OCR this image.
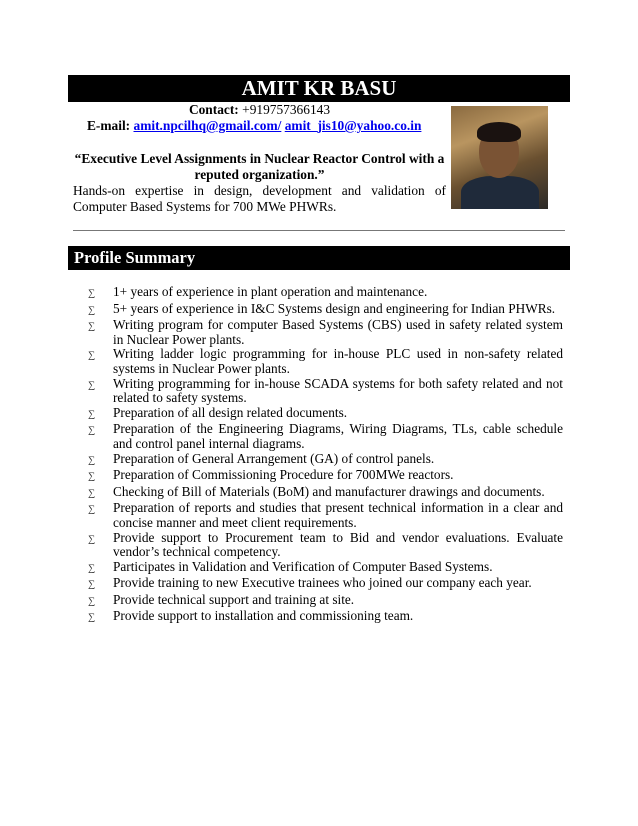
AMIT KR BASU
Contact: +919757366143
E-mail: amit.npcilhq@gmail.com/ amit_jis10@yahoo.co.in
“Executive Level Assignments in Nuclear Reactor Control with a reputed organization.”
Hands-on expertise in design, development and validation of Computer Based Systems for 700 MWe PHWRs.
Profile Summary
∑	1+ years of experience in plant operation and maintenance.
∑	5+ years of experience in I&C Systems design and engineering for Indian PHWRs.
∑	Writing program for computer Based Systems (CBS) used in safety related system in Nuclear Power plants.
∑	Writing ladder logic programming for in-house PLC used in non-safety related systems in Nuclear Power plants.
∑	Writing programming for in-house SCADA systems for both safety related and not related to safety systems.
∑	Preparation of all design related documents.
∑	Preparation of the Engineering Diagrams, Wiring Diagrams, TLs, cable schedule and control panel internal diagrams.
∑	Preparation of General Arrangement (GA) of control panels.
∑	Preparation of Commissioning Procedure for 700MWe reactors.
∑	Checking of Bill of Materials (BoM) and manufacturer drawings and documents.
∑	Preparation of reports and studies that present technical information in a clear and concise manner and meet client requirements.
∑	Provide support to Procurement team to Bid and vendor evaluations. Evaluate vendor’s technical competency.
∑	Participates in Validation and Verification of Computer Based Systems.
∑	Provide training to new Executive trainees who joined our company each year.
∑	Provide technical support and training at site.
∑	Provide support to installation and commissioning team.
